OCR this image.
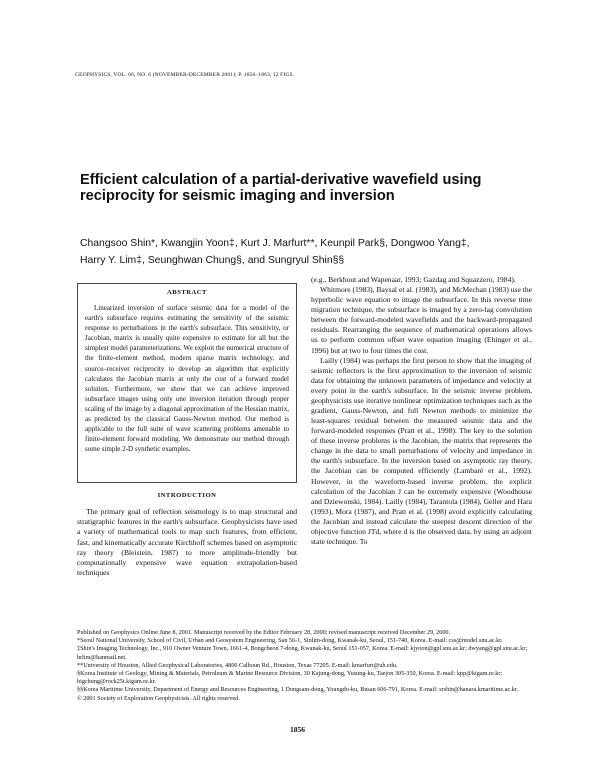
GEOPHYSICS, VOL. 66, NO. 6 (NOVEMBER-DECEMBER 2001); P. 1856–1863, 12 FIGS.
Efficient calculation of a partial-derivative wavefield using reciprocity for seismic imaging and inversion
Changsoo Shin*, Kwangjin Yoon‡, Kurt J. Marfurt**, Keunpil Park§, Dongwoo Yang‡,
Harry Y. Lim‡, Seunghwan Chung§, and Sungryul Shin§§
ABSTRACT

Linearized inversion of surface seismic data for a model of the earth's subsurface requires estimating the sensitivity of the seismic response to perturbations in the earth's subsurface. This sensitivity, or Jacobian, matrix is usually quite expensive to estimate for all but the simplest model parameterizations. We exploit the numerical structure of the finite-element method, modern sparse matrix technology, and source–receiver reciprocity to develop an algorithm that explicitly calculates the Jacobian matrix at only the cost of a forward model solution. Furthermore, we show that we can achieve improved subsurface images using only one inversion iteration through proper scaling of the image by a diagonal approximation of the Hessian matrix, as predicted by the classical Gauss-Newton method. Our method is applicable to the full suite of wave scattering problems amenable to finite-element forward modeling. We demonstrate our method through some simple 2-D synthetic examples.

INTRODUCTION

The primary goal of reflection seismology is to map structural and stratigraphic features in the earth's subsurface. Geophysicists have used a variety of mathematical tools to map such features, from efficient, fast, and kinematically accurate Kirchhoff schemes based on asymptotic ray theory (Bleistein, 1987) to more amplitude-friendly but computationally expensive wave equation extrapolation-based techniques

(e.g., Berkhout and Wapenaar, 1993; Gazdag and Squazzero, 1984).

Whitmore (1983), Baysal et al. (1983), and McMechan (1983) use the hyperbolic wave equation to image the subsurface. In this reverse time migration technique, the subsurface is imaged by a zero-lag convolution between the forward-modeled wavefields and the backward-propagated residuals. Rearranging the sequence of mathematical operations allows us to perform common offset wave equation imaging (Ehinger et al., 1996) but at two to four times the cost.

Lailly (1984) was perhaps the first person to show that the imaging of seismic reflectors is the first approximation to the inversion of seismic data for obtaining the unknown parameters of impedance and velocity at every point in the earth's subsurface. In the seismic inverse problem, geophysicists use iterative nonlinear optimization techniques such as the gradient, Gauss-Newton, and full Newton methods to minimize the least-squares residual between the measured seismic data and the forward-modeled responses (Pratt et al., 1998). The key to the solution of these inverse problems is the Jacobian, the matrix that represents the change in the data to small perturbations of velocity and impedance in the earth's subsurface. In the inversion based on asymptotic ray theory, the Jacobian can be computed efficiently (Lambaré et al., 1992). However, in the waveform-based inverse problem, the explicit calculation of the Jacobian J can be extremely expensive (Woodhouse and Dziewonski, 1984). Lailly (1984), Tarantola (1984), Geller and Hara (1993), Mora (1987), and Pratt et al. (1998) avoid explicitly calculating the Jacobian and instead calculate the steepest descent direction of the objective function JTd, where d is the observed data, by using an adjoint state technique. To

Published on Geophysics Online June 8, 2001. Manuscript received by the Editor February 28, 2000; revised manuscript received December 29, 2000.
*Seoul National University, School of Civil, Urban and Geosystem Engineering, San 56-1, Sinlim-dong, Kwanak-ku, Seoul, 151-740, Korea. E-mail: css@model.snu.ac.kr.
‡Shin's Imaging Technology, Inc., 910 Owner Venture Town, 1661-4, Bongcheon 7-dong, Kwanak-ku, Seoul 151-057, Korea. E-mail: kjyoon@gpl.snu.ac.kr; dwyang@gpl.snu.ac.kr; hrlim@hanmail.net.
**University of Houston, Allied Geophysical Laboratories, 4800 Calhoun Rd., Houston, Texas 77205. E-mail: kmarfurt@uh.edu.
§Korea Institute of Geology, Mining & Materials, Petroleum & Marine Resource Division, 30 Kajung-dong, Yusung-ku, Taejon 305-350, Korea. E-mail: kpp@kigam.re.kr; bigchung@rock25t.kigam.re.kr.
§§Korea Maritime University, Department of Energy and Resources Engineering, 1 Dongsam-dong, Youngdo-ku, Busan 606-791, Korea. E-mail: srshin@hanara.kmaritime.ac.kr.
© 2001 Society of Exploration Geophysicists. All rights reserved.
1856
